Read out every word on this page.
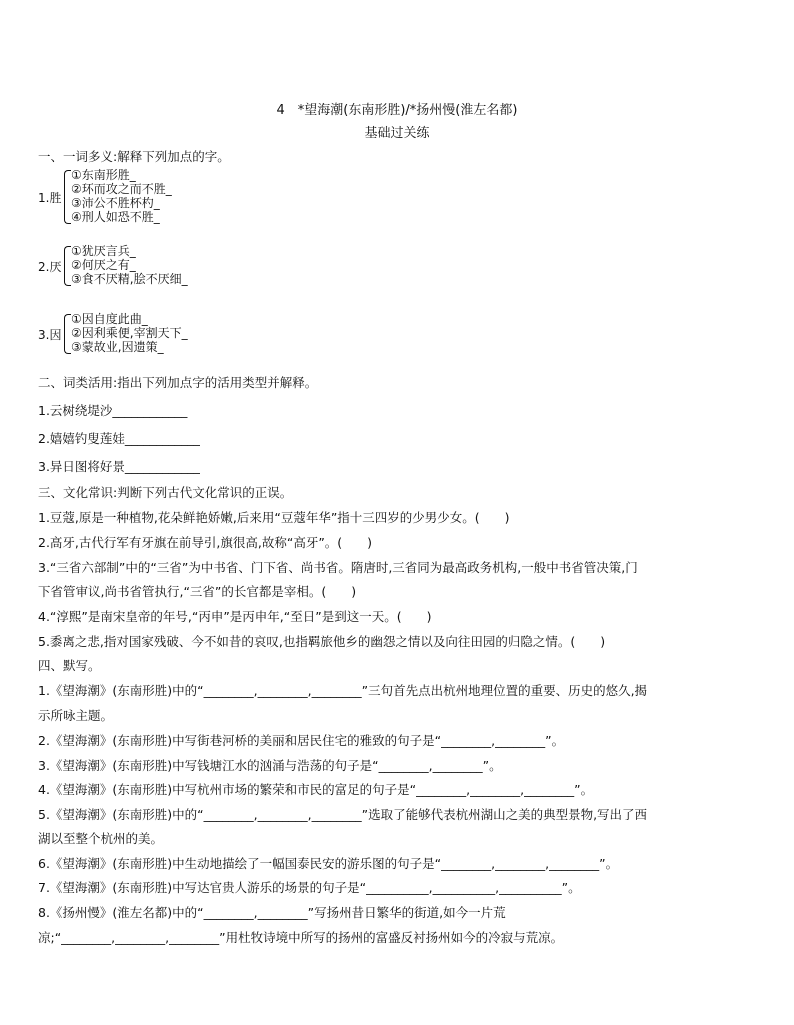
4　*望海潮(东南形胜)/*扬州慢(淮左名都)
基础过关练
一、一词多义:解释下列加点的字。
1.胜
①东南形胜_
②环而攻之而不胜_
③沛公不胜杯杓_
④刑人如恐不胜_
2.厌
①犹厌言兵_
②何厌之有_
③食不厌精,脍不厌细_
3.因
①因自度此曲_
②因利乘便,宰割天下_
③蒙故业,因遗策_
二、词类活用:指出下列加点字的活用类型并解释。
1.云树绕堤沙____________
2.嬉嬉钓叟莲娃____________
3.异日图将好景____________
三、文化常识:判断下列古代文化常识的正误。
1.豆蔻,原是一种植物,花朵鲜艳娇嫩,后来用“豆蔻年华”指十三四岁的少男少女。(　　)
2.高牙,古代行军有牙旗在前导引,旗很高,故称“高牙”。(　　)
3.“三省六部制”中的“三省”为中书省、门下省、尚书省。隋唐时,三省同为最高政务机构,一般中书省管决策,门
下省管审议,尚书省管执行,“三省”的长官都是宰相。(　　)
4.“淳熙”是南宋皇帝的年号,“丙申”是丙申年,“至日”是到这一天。(　　)
5.黍离之悲,指对国家残破、今不如昔的哀叹,也指羁旅他乡的幽怨之情以及向往田园的归隐之情。(　　)
四、默写。
1.《望海潮》(东南形胜)中的“________,________,________”三句首先点出杭州地理位置的重要、历史的悠久,揭
示所咏主题。
2.《望海潮》(东南形胜)中写街巷河桥的美丽和居民住宅的雅致的句子是“________,________”。
3.《望海潮》(东南形胜)中写钱塘江水的汹涌与浩荡的句子是“________,________”。
4.《望海潮》(东南形胜)中写杭州市场的繁荣和市民的富足的句子是“________,________,________”。
5.《望海潮》(东南形胜)中的“________,________,________”选取了能够代表杭州湖山之美的典型景物,写出了西
湖以至整个杭州的美。
6.《望海潮》(东南形胜)中生动地描绘了一幅国泰民安的游乐图的句子是“________,________,________”。
7.《望海潮》(东南形胜)中写达官贵人游乐的场景的句子是“__________,__________,__________”。
8.《扬州慢》(淮左名都)中的“________,________”写扬州昔日繁华的街道,如今一片荒
凉;“________,________,________”用杜牧诗境中所写的扬州的富盛反衬扬州如今的冷寂与荒凉。
